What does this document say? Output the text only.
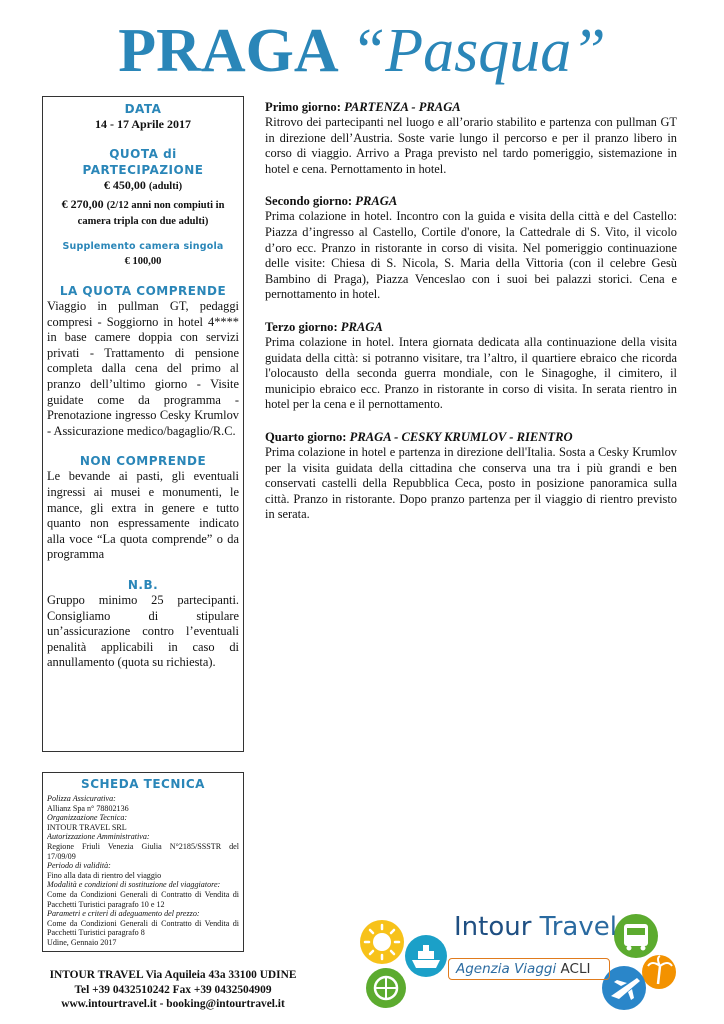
PRAGA “Pasqua”
DATA
14 - 17 Aprile 2017
QUOTA di
PARTECIPAZIONE
€ 450,00 (adulti)
€ 270,00 (2/12 anni non compiuti in camera tripla con due adulti)
Supplemento camera singola
€ 100,00
LA QUOTA COMPRENDE

Viaggio in pullman GT, pedaggi compresi - Soggiorno in hotel 4**** in base camere doppia con servizi privati - Trattamento di pensione completa dalla cena del primo al pranzo dell’ultimo giorno - Visite guidate come da programma - Prenotazione ingresso Cesky Krumlov - Assicurazione medico/bagaglio/R.C.

NON COMPRENDE

Le bevande ai pasti, gli eventuali ingressi ai musei e monumenti, le mance, gli extra in genere e tutto quanto non espressamente indicato alla voce “La quota comprende” o da programma

N.B.

Gruppo minimo 25 partecipanti. Consigliamo di stipulare un’assicurazione contro l’eventuali penalità applicabili in caso di annullamento (quota su richiesta).

SCHEDA TECNICA
Polizza Assicurativa:
Allianz Spa n° 78802136
Organizzazione Tecnica:
INTOUR TRAVEL SRL
Autorizzazione Amministrativa:
Regione Friuli Venezia Giulia N°2185/SSSTR del 17/09/09
Periodo di validità:
Fino alla data di rientro del viaggio
Modalità e condizioni di sostituzione del viaggiatore:
Come da Condizioni Generali di Contratto di Vendita di Pacchetti Turistici paragrafo 10 e 12
Parametri e criteri di adeguamento del prezzo:
Come da Condizioni Generali di Contratto di Vendita di Pacchetti Turistici paragrafo 8
Udine, Gennaio 2017
Primo giorno: PARTENZA - PRAGA

Ritrovo dei partecipanti nel luogo e all’orario stabilito e partenza con pullman GT in direzione dell’Austria. Soste varie lungo il percorso e per il pranzo libero in corso di viaggio. Arrivo a Praga previsto nel tardo pomeriggio, sistemazione in hotel e cena. Pernottamento in hotel.

Secondo giorno: PRAGA

Prima colazione in hotel. Incontro con la guida e visita della città e del Castello: Piazza d’ingresso al Castello, Cortile d'onore, la Cattedrale di S. Vito, il vicolo d’oro ecc. Pranzo in ristorante in corso di visita. Nel pomeriggio continuazione delle visite: Chiesa di S. Nicola, S. Maria della Vittoria (con il celebre Gesù Bambino di Praga), Piazza Venceslao con i suoi bei palazzi storici. Cena e pernottamento in hotel.

Terzo giorno: PRAGA

Prima colazione in hotel. Intera giornata dedicata alla continuazione della visita guidata della città: si potranno visitare, tra l’altro, il quartiere ebraico che ricorda l'olocausto della seconda guerra mondiale, con le Sinagoghe, il cimitero, il municipio ebraico ecc. Pranzo in ristorante in corso di visita. In serata rientro in hotel per la cena e il pernottamento.

Quarto giorno: PRAGA - CESKY KRUMLOV - RIENTRO

Prima colazione in hotel e partenza in direzione dell'Italia. Sosta a Cesky Krumlov per la visita guidata della cittadina che conserva una tra i più grandi e ben conservati castelli della Repubblica Ceca, posto in posizione panoramica sulla città. Pranzo in ristorante. Dopo pranzo partenza per il viaggio di rientro previsto in serata.

INTOUR TRAVEL Via Aquileia 43a 33100 UDINE
Tel +39 0432510242 Fax +39 0432504909
www.intourtravel.it - booking@intourtravel.it
Intour Travel
Agenzia Viaggi ACLI
